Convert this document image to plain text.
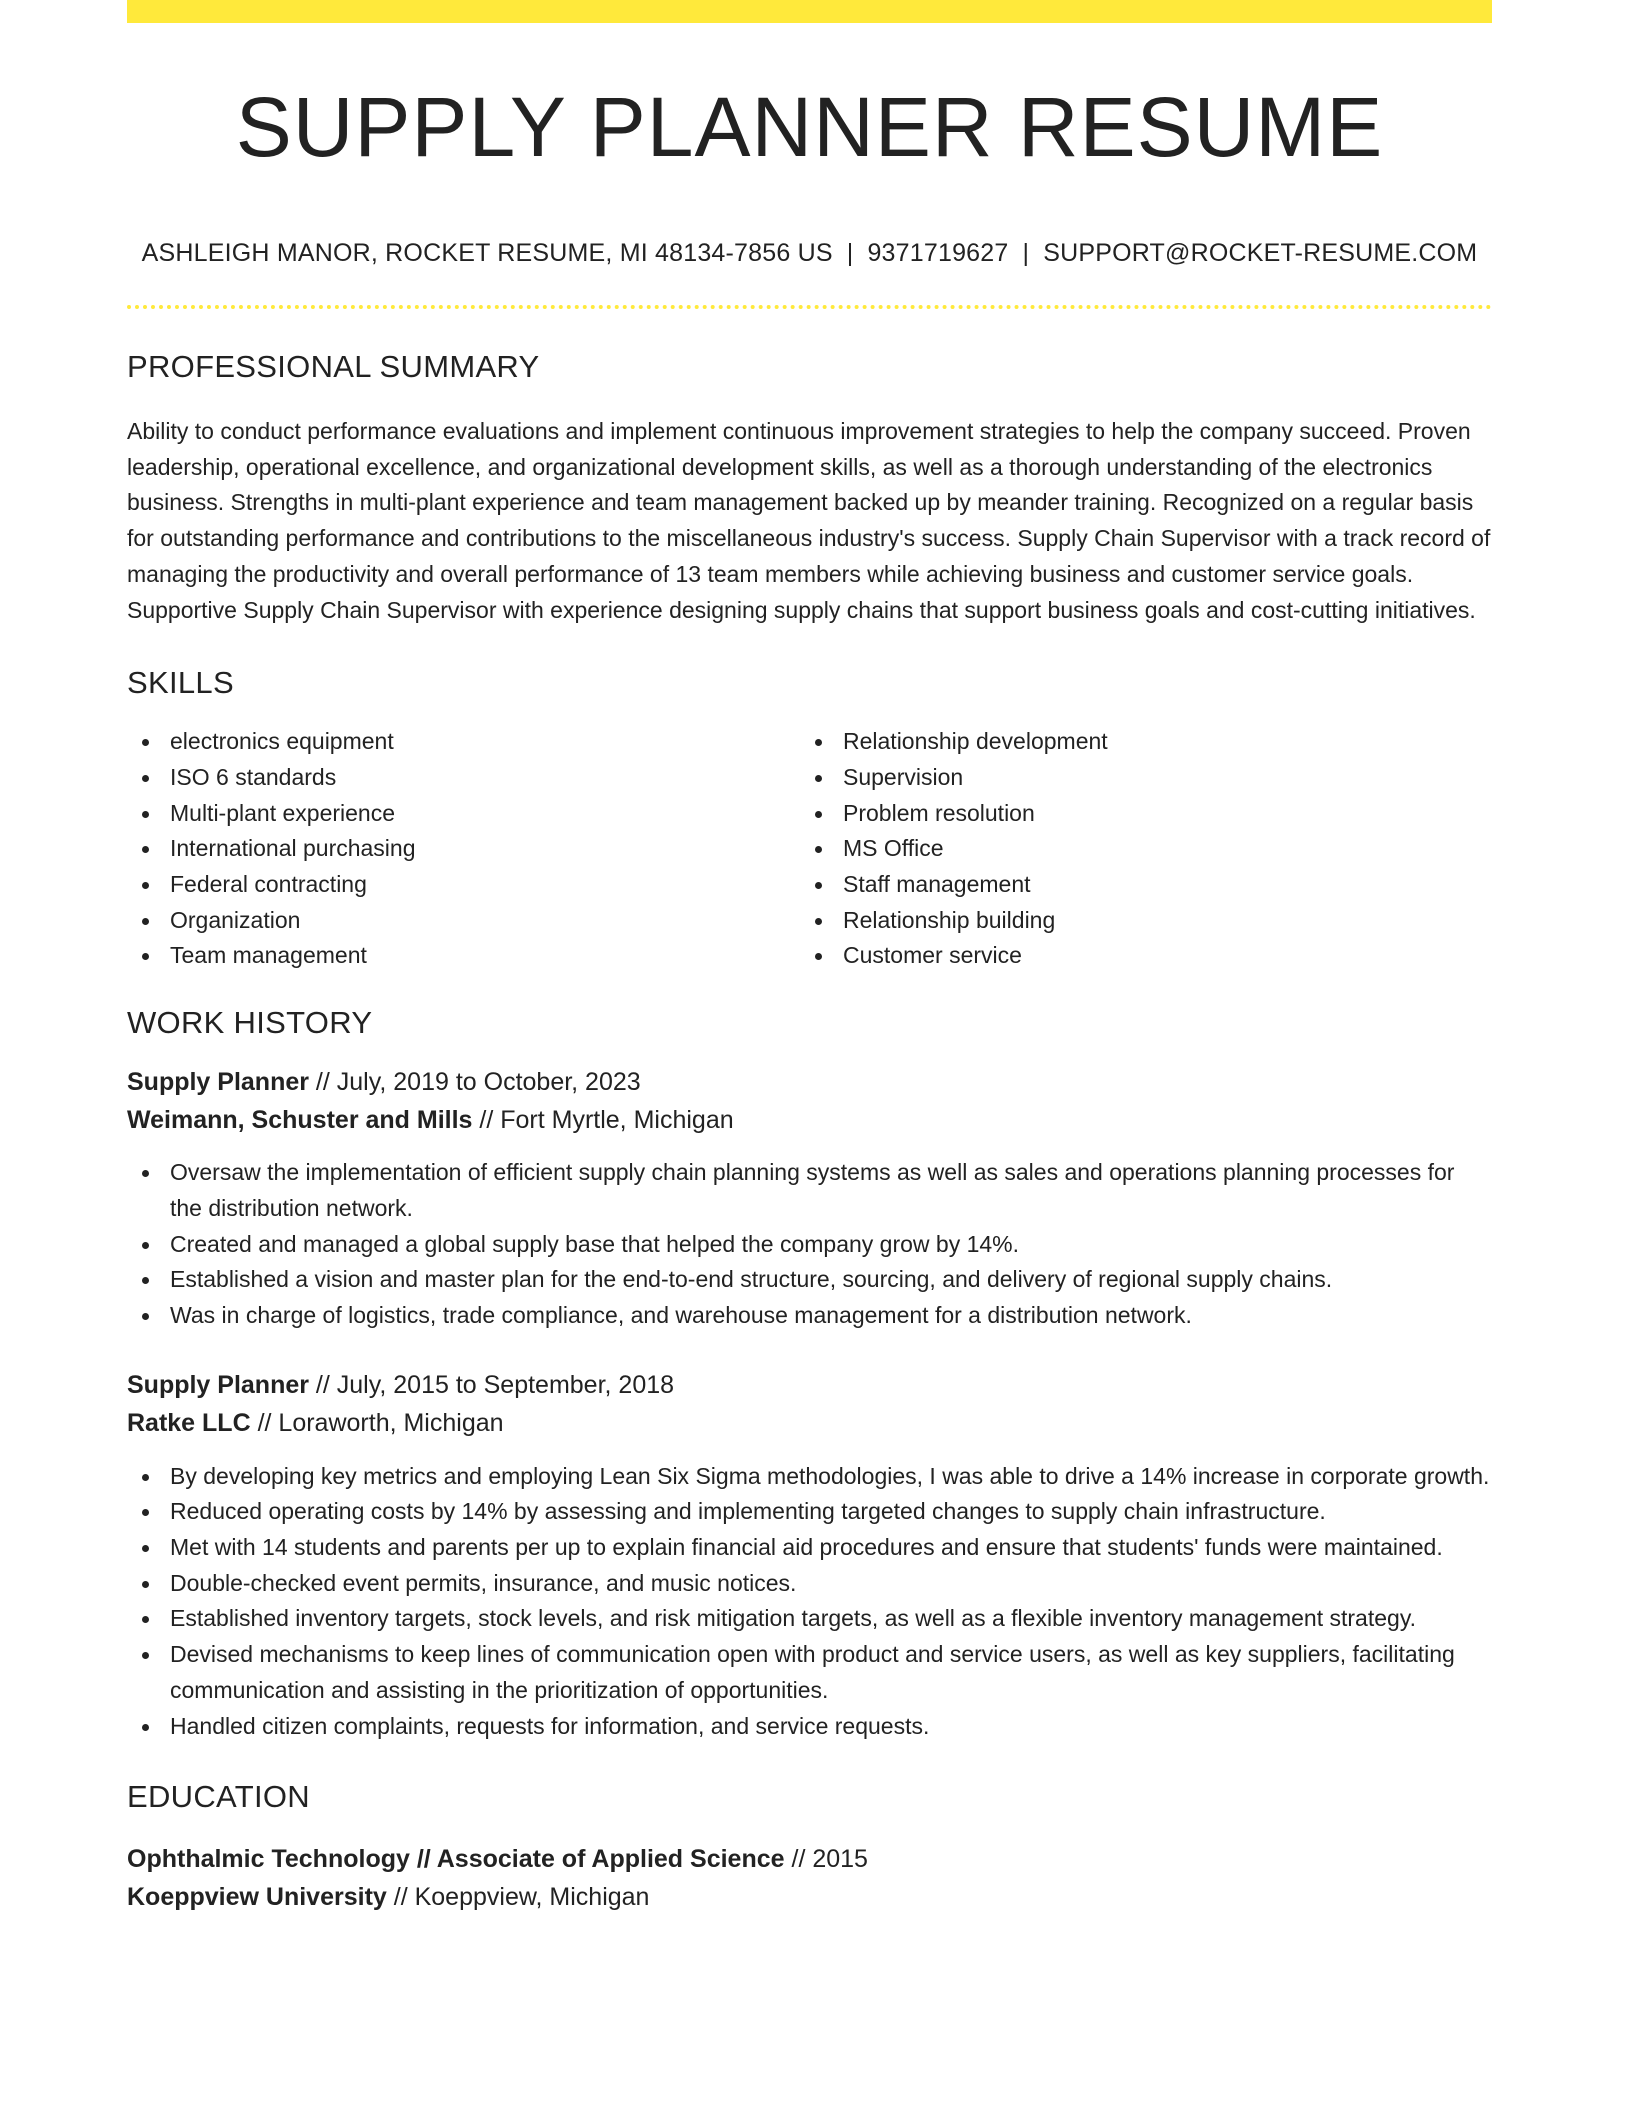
SUPPLY PLANNER RESUME
ASHLEIGH MANOR, ROCKET RESUME, MI 48134-7856 US | 9371719627 | SUPPORT@ROCKET-RESUME.COM
PROFESSIONAL SUMMARY
Ability to conduct performance evaluations and implement continuous improvement strategies to help the company succeed. Proven leadership, operational excellence, and organizational development skills, as well as a thorough understanding of the electronics business. Strengths in multi-plant experience and team management backed up by meander training. Recognized on a regular basis for outstanding performance and contributions to the miscellaneous industry's success. Supply Chain Supervisor with a track record of managing the productivity and overall performance of 13 team members while achieving business and customer service goals. Supportive Supply Chain Supervisor with experience designing supply chains that support business goals and cost-cutting initiatives.
SKILLS
electronics equipment
ISO 6 standards
Multi-plant experience
International purchasing
Federal contracting
Organization
Team management
Relationship development
Supervision
Problem resolution
MS Office
Staff management
Relationship building
Customer service
WORK HISTORY
Supply Planner // July, 2019 to October, 2023
Weimann, Schuster and Mills // Fort Myrtle, Michigan
Oversaw the implementation of efficient supply chain planning systems as well as sales and operations planning processes for the distribution network.
Created and managed a global supply base that helped the company grow by 14%.
Established a vision and master plan for the end-to-end structure, sourcing, and delivery of regional supply chains.
Was in charge of logistics, trade compliance, and warehouse management for a distribution network.
Supply Planner // July, 2015 to September, 2018
Ratke LLC // Loraworth, Michigan
By developing key metrics and employing Lean Six Sigma methodologies, I was able to drive a 14% increase in corporate growth.
Reduced operating costs by 14% by assessing and implementing targeted changes to supply chain infrastructure.
Met with 14 students and parents per up to explain financial aid procedures and ensure that students' funds were maintained.
Double-checked event permits, insurance, and music notices.
Established inventory targets, stock levels, and risk mitigation targets, as well as a flexible inventory management strategy.
Devised mechanisms to keep lines of communication open with product and service users, as well as key suppliers, facilitating communication and assisting in the prioritization of opportunities.
Handled citizen complaints, requests for information, and service requests.
EDUCATION
Ophthalmic Technology // Associate of Applied Science // 2015
Koeppview University // Koeppview, Michigan
